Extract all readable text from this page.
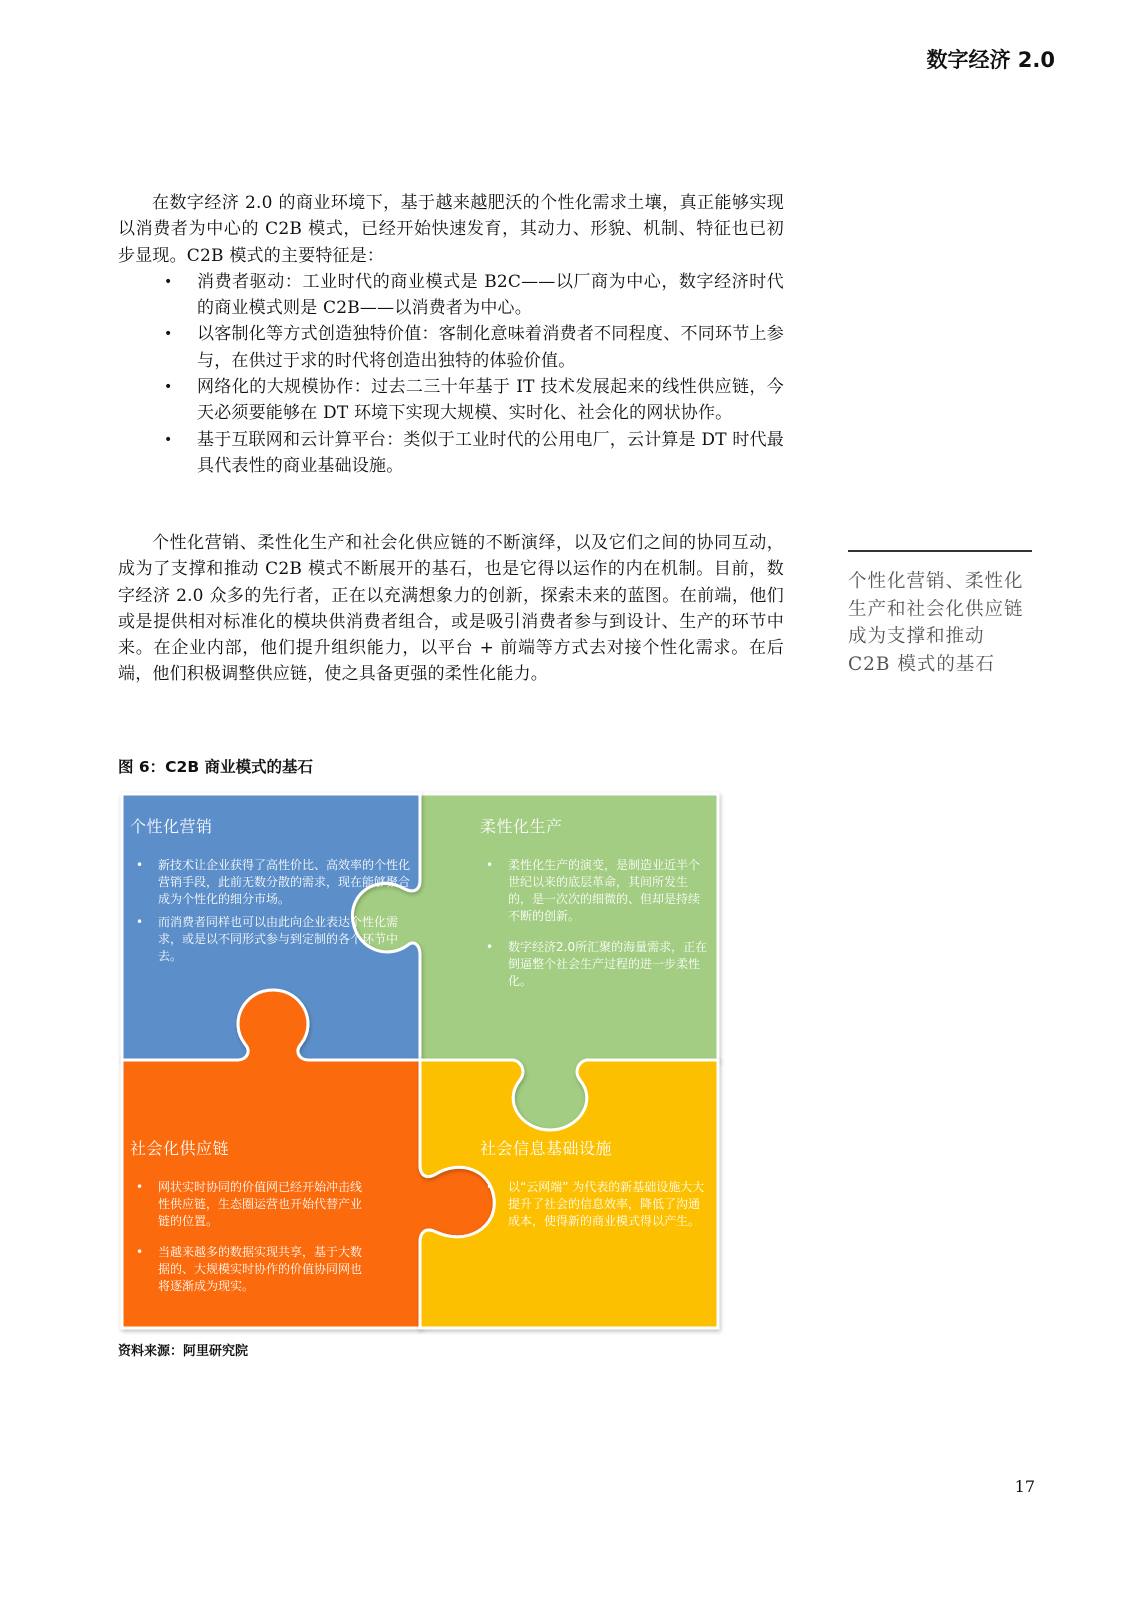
数字经济 2.0

在数字经济 2.0 的商业环境下，基于越来越肥沃的个性化需求土壤，真正能够实现以消费者为中心的 C2B 模式，已经开始快速发育，其动力、形貌、机制、特征也已初步显现。C2B 模式的主要特征是：

• 消费者驱动：工业时代的商业模式是 B2C——以厂商为中心，数字经济时代的商业模式则是 C2B——以消费者为中心。
• 以客制化等方式创造独特价值：客制化意味着消费者不同程度、不同环节上参与，在供过于求的时代将创造出独特的体验价值。
• 网络化的大规模协作：过去二三十年基于 IT 技术发展起来的线性供应链，今天必须要能够在 DT 环境下实现大规模、实时化、社会化的网状协作。
• 基于互联网和云计算平台：类似于工业时代的公用电厂，云计算是 DT 时代最具代表性的商业基础设施。

个性化营销、柔性化生产和社会化供应链的不断演绎，以及它们之间的协同互动，成为了支撑和推动 C2B 模式不断展开的基石，也是它得以运作的内在机制。目前，数字经济 2.0 众多的先行者，正在以充满想象力的创新，探索未来的蓝图。在前端，他们或是提供相对标准化的模块供消费者组合，或是吸引消费者参与到设计、生产的环节中来。在企业内部，他们提升组织能力，以平台 + 前端等方式去对接个性化需求。在后端，他们积极调整供应链，使之具备更强的柔性化能力。

个性化营销、柔性化生产和社会化供应链成为支撑和推动 C2B 模式的基石
图 6：C2B 商业模式的基石
个性化营销
• 新技术让企业获得了高性价比、高效率的个性化营销手段，此前无数分散的需求，现在能够聚合成为个性化的细分市场。
• 而消费者同样也可以由此向企业表达个性化需求，或是以不同形式参与到定制的各个环节中去。
柔性化生产
• 柔性化生产的演变，是制造业近半个世纪以来的底层革命，其间所发生的，是一次次的细微的、但却是持续不断的创新。
• 数字经济2.0所汇聚的海量需求，正在倒逼整个社会生产过程的进一步柔性化。
社会化供应链
• 网状实时协同的价值网已经开始冲击线性供应链，生态圈运营也开始代替产业链的位置。
• 当越来越多的数据实现共享，基于大数据的、大规模实时协作的价值协同网也将逐渐成为现实。
社会信息基础设施
• 以“云网端” 为代表的新基础设施大大提升了社会的信息效率，降低了沟通成本，使得新的商业模式得以产生。
资料来源：阿里研究院
17
